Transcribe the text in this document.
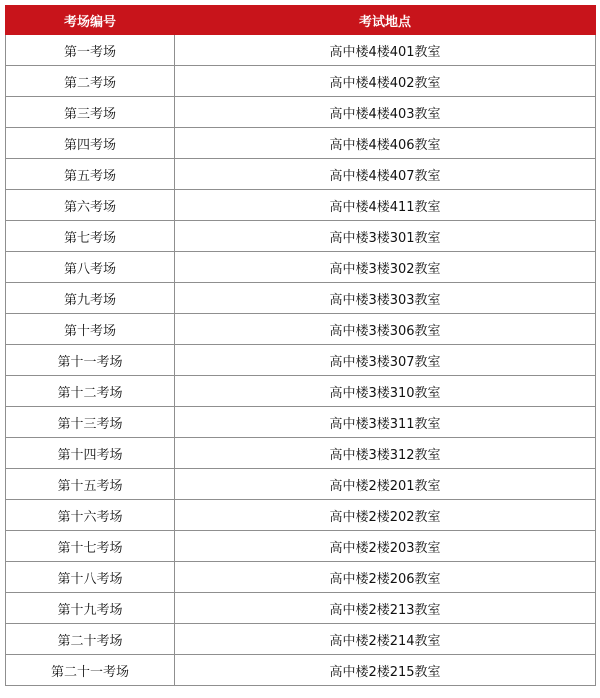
考场编号	考试地点
第一考场	高中楼4楼401教室
第二考场	高中楼4楼402教室
第三考场	高中楼4楼403教室
第四考场	高中楼4楼406教室
第五考场	高中楼4楼407教室
第六考场	高中楼4楼411教室
第七考场	高中楼3楼301教室
第八考场	高中楼3楼302教室
第九考场	高中楼3楼303教室
第十考场	高中楼3楼306教室
第十一考场	高中楼3楼307教室
第十二考场	高中楼3楼310教室
第十三考场	高中楼3楼311教室
第十四考场	高中楼3楼312教室
第十五考场	高中楼2楼201教室
第十六考场	高中楼2楼202教室
第十七考场	高中楼2楼203教室
第十八考场	高中楼2楼206教室
第十九考场	高中楼2楼213教室
第二十考场	高中楼2楼214教室
第二十一考场	高中楼2楼215教室
